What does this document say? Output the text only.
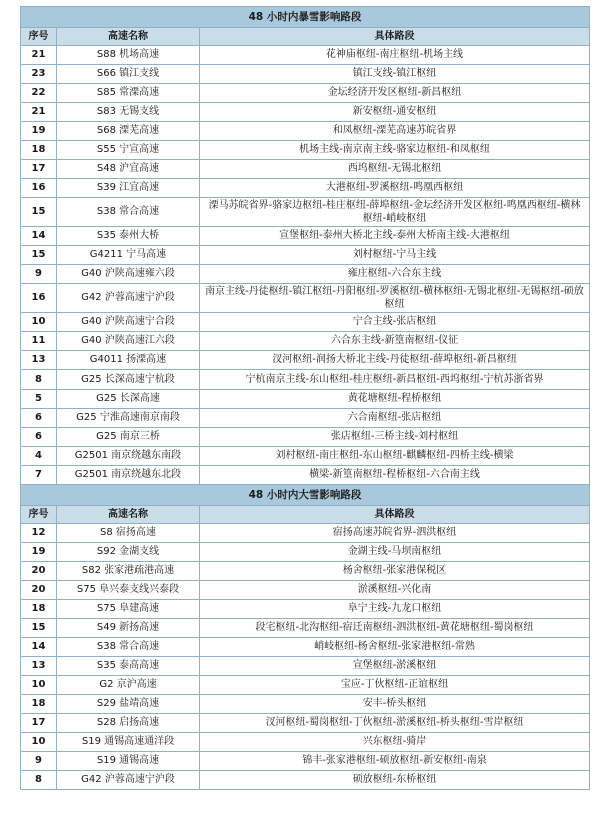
48 小时内暴雪影响路段		
序号	高速名称	具体路段
21	S88 机场高速	花神庙枢纽-南庄枢纽-机场主线
23	S66 镇江支线	镇江支线-镇江枢纽
22	S85 常溧高速	金坛经济开发区枢纽-新昌枢纽
21	S83 无锡支线	新安枢纽-通安枢纽
19	S68 溧芜高速	和凤枢纽-溧芜高速苏皖省界
18	S55 宁宣高速	机场主线-南京南主线-骆家边枢纽-和凤枢纽
17	S48 沪宜高速	西坞枢纽-无锡北枢纽
16	S39 江宜高速	大港枢纽-罗溪枢纽-鸣凰西枢纽
15	S38 常合高速	溧马苏皖省界-骆家边枢纽-桂庄枢纽-薛埠枢纽-金坛经济开发区枢纽-鸣凰西枢纽-横林枢纽-峭岐枢纽
14	S35 泰州大桥	宣堡枢纽-泰州大桥北主线-泰州大桥南主线-大港枢纽
15	G4211 宁马高速	刘村枢纽-宁马主线
9	G40 沪陕高速雍六段	雍庄枢纽-六合东主线
16	G42 沪蓉高速宁沪段	南京主线-丹徒枢纽-镇江枢纽-丹阳枢纽-罗溪枢纽-横林枢纽-无锡北枢纽-无锡枢纽-硕放枢纽
10	G40 沪陕高速宁合段	宁合主线-张店枢纽
11	G40 沪陕高速江六段	六合东主线-新篁南枢纽-仪征
13	G4011 扬溧高速	汊河枢纽-润扬大桥北主线-丹徒枢纽-薛埠枢纽-新昌枢纽
8	G25 长深高速宁杭段	宁杭南京主线-东山枢纽-桂庄枢纽-新昌枢纽-西坞枢纽-宁杭苏浙省界
5	G25 长深高速	黄花塘枢纽-程桥枢纽
6	G25 宁淮高速南京南段	六合南枢纽-张店枢纽
6	G25 南京三桥	张店枢纽-三桥主线-刘村枢纽
4	G2501 南京绕越东南段	刘村枢纽-南庄枢纽-东山枢纽-麒麟枢纽-四桥主线-横梁
7	G2501 南京绕越东北段	横梁-新篁南枢纽-程桥枢纽-六合南主线
48 小时内大雪影响路段		
序号	高速名称	具体路段
12	S8 宿扬高速	宿扬高速苏皖省界-泗洪枢纽
19	S92 金湖支线	金湖主线-马坝南枢纽
20	S82 张家港疏港高速	杨舍枢纽-张家港保税区
20	S75 阜兴泰支线兴泰段	淤溪枢纽-兴化南
18	S75 阜建高速	阜宁主线-九龙口枢纽
15	S49 新扬高速	段宅枢纽-北沟枢纽-宿迁南枢纽-泗洪枢纽-黄花塘枢纽-蜀岗枢纽
14	S38 常合高速	峭岐枢纽-杨舍枢纽-张家港枢纽-常熟
13	S35 泰高高速	宣堡枢纽-淤溪枢纽
10	G2 京沪高速	宝应-丁伙枢纽-正谊枢纽
18	S29 盐靖高速	安丰-桥头枢纽
17	S28 启扬高速	汊河枢纽-蜀岗枢纽-丁伙枢纽-淤溪枢纽-桥头枢纽-雪岸枢纽
10	S19 通锡高速通洋段	兴东枢纽-骑岸
9	S19 通锡高速	锦丰-张家港枢纽-硕放枢纽-新安枢纽-南泉
8	G42 沪蓉高速宁沪段	硕放枢纽-东桥枢纽
